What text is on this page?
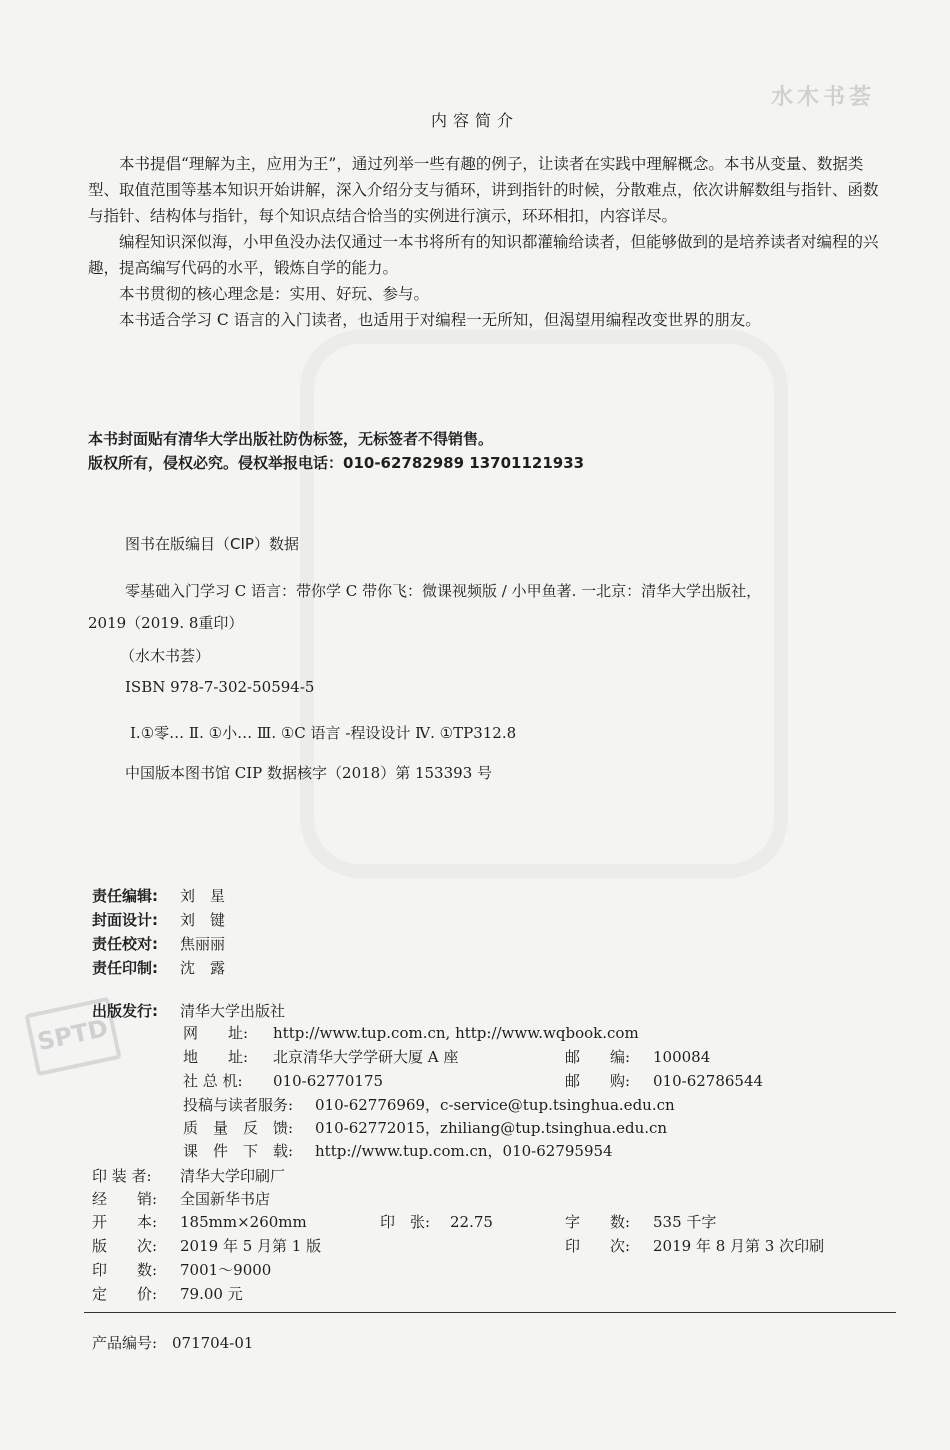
水木书荟
SPTD
内容简介

本书提倡“理解为主，应用为王”，通过列举一些有趣的例子，让读者在实践中理解概念。本书从变量、数据类型、取值范围等基本知识开始讲解，深入介绍分支与循环，讲到指针的时候，分散难点，依次讲解数组与指针、函数与指针、结构体与指针，每个知识点结合恰当的实例进行演示，环环相扣，内容详尽。

编程知识深似海，小甲鱼没办法仅通过一本书将所有的知识都灌输给读者，但能够做到的是培养读者对编程的兴趣，提高编写代码的水平，锻炼自学的能力。

本书贯彻的核心理念是：实用、好玩、参与。

本书适合学习 C 语言的入门读者，也适用于对编程一无所知，但渴望用编程改变世界的朋友。

本书封面贴有清华大学出版社防伪标签，无标签者不得销售。
版权所有，侵权必究。侵权举报电话：010-62782989 13701121933
图书在版编目（CIP）数据
零基础入门学习 C 语言：带你学 C 带你飞：微课视频版 / 小甲鱼著. 一北京：清华大学出版社，
2019（2019. 8重印）
（水木书荟）
ISBN 978-7-302-50594-5
Ⅰ.①零… Ⅱ. ①小… Ⅲ. ①C 语言 -程设设计 Ⅳ. ①TP312.8
中国版本图书馆 CIP 数据核字（2018）第 153393 号
责任编辑: 刘　星
封面设计: 刘　键
责任校对: 焦丽丽
责任印制: 沈　露
出版发行: 清华大学出版社
网　　址: http://www.tup.com.cn, http://www.wqbook.com
地　　址: 北京清华大学学研大厦 A 座	邮　　编: 100084
社 总 机: 010-62770175	邮　　购: 010-62786544
投稿与读者服务: 010-62776969，c-service@tup.tsinghua.edu.cn
质　量　反　馈: 010-62772015，zhiliang@tup.tsinghua.edu.cn
课　件　下　载: http://www.tup.com.cn，010-62795954
印 装 者: 清华大学印刷厂
经　　销: 全国新华书店
开　　本: 185mm×260mm	印　张: 22.75	字　　数: 535 千字
版　　次: 2019 年 5 月第 1 版	印　　次: 2019 年 8 月第 3 次印刷
印　　数: 7001～9000
定　　价: 79.00 元
产品编号: 071704-01
